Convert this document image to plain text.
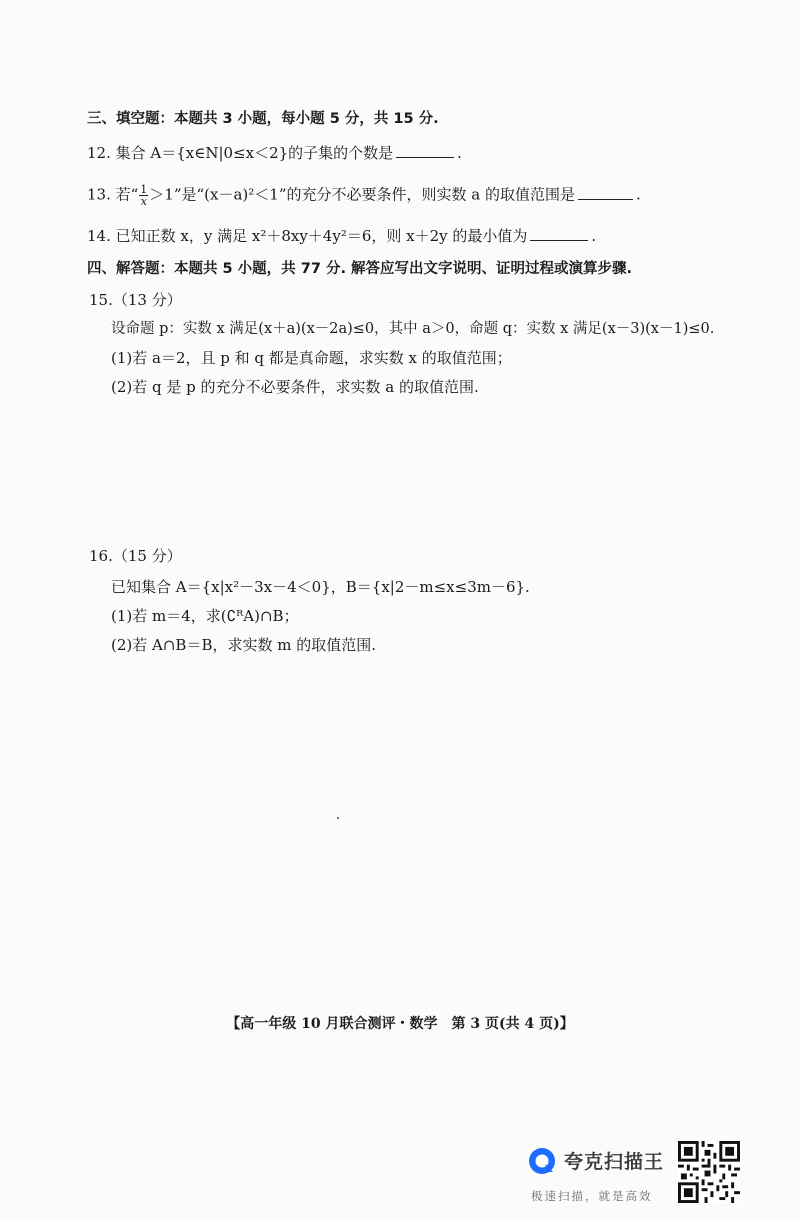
三、填空题：本题共 3 小题，每小题 5 分，共 15 分.
12. 集合 A＝{x∈N|0≤x＜2}的子集的个数是	.
13. 若“ $\frac{1}{x} >1$”是“(x－a)²＜1”的充分不必要条件，则实数 a 的取值范围是	.
14. 已知正数 x，y 满足 x²＋8xy＋4y²＝6，则 x＋2y 的最小值为	.
四、解答题：本题共 5 小题，共 77 分. 解答应写出文字说明、证明过程或演算步骤.
15.（13 分）
设命题 p：实数 x 满足(x＋a)(x－2a)≤0，其中 a＞0，命题 q：实数 x 满足(x－3)(x－1)≤0.
(1)若 a＝2，且 p 和 q 都是真命题，求实数 x 的取值范围；
(2)若 q 是 p 的充分不必要条件，求实数 a 的取值范围.
16.（15 分）
已知集合 A＝{x|x²－3x－4＜0}，B＝{x|2－m≤x≤3m－6}.
(1)若 m＝4，求(∁ᴿA)∩B；
(2)若 A∩B＝B，求实数 m 的取值范围.
【高一年级 10 月联合测评・数学　第 3 页(共 4 页)】
夸克扫描王
极速扫描，就是高效
